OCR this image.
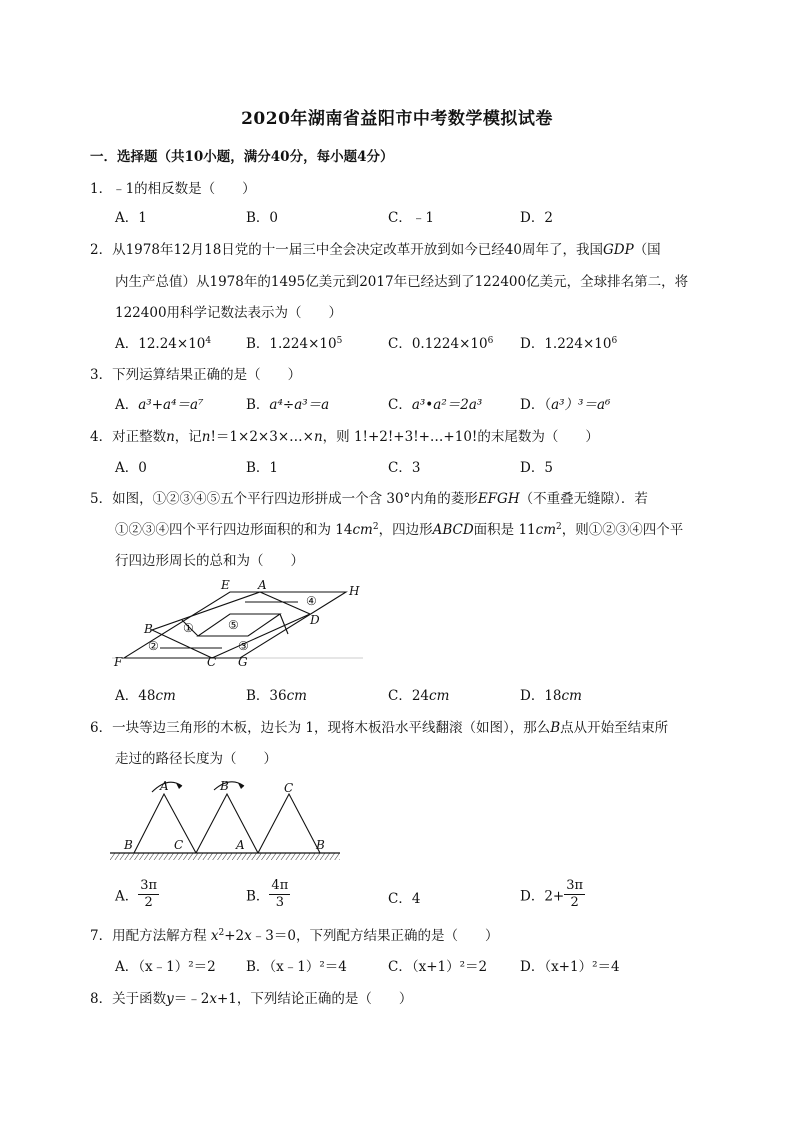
2020年湖南省益阳市中考数学模拟试卷
一．选择题（共10小题，满分40分，每小题4分）
1．﹣1的相反数是（　　）
A．1	B．0	C．﹣1	D．2
2．从1978年12月18日党的十一届三中全会决定改革开放到如今已经40周年了，我国GDP（国
内生产总值）从1978年的1495亿美元到2017年已经达到了122400亿美元，全球排名第二，将
122400用科学记数法表示为（　　）
A．$12.24\times 10^4$	B．$1.224\times 10^5$	C．$0.1224\times 10^6$ D．$1.224\times 10^6$
3．下列运算结果正确的是（　　）
A．a³+a⁴＝a⁷	B．a⁴÷a³＝a	C．a³•a²＝2a³	D．（a³）³＝a⁶
4．对正整数n，记n!＝1×2×3×…×n，则 1!+2!+3!+…+10!的末尾数为（　　）
A．0	B．1	C．3	D．5
5．如图，①②③④⑤五个平行四边形拼成一个含 30°内角的菱形EFGH（不重叠无缝隙）．若
①②③④四个平行四边形面积的和为 $14cm^2$，四边形ABCD面积是 $11cm^2$，则①②③④四个平
行四边形周长的总和为（　　）
E A	H
B
D
F	C G
①
②	③
④
⑤
A．48cm	B．36cm	C．24cm	D．18cm
6．一块等边三角形的木板，边长为 1，现将木板沿水平线翻滚（如图），那么B点从开始至结束所
走过的路径长度为（　　）
A	B	C
B	C	A	B
A． $\frac{3\pi}{2}$	B． $\frac{4\pi}{3}$	C．4	D．$2+ \frac{3\pi}{2}$
7．用配方法解方程 $x^2+2x﹣3=0$，下列配方结果正确的是（　　）
A．（x﹣1）²＝2 B．（x﹣1）²＝4	C．（x+1）²＝2 D．（x+1）²＝4
8．关于函数y＝﹣2x+1，下列结论正确的是（　　）
